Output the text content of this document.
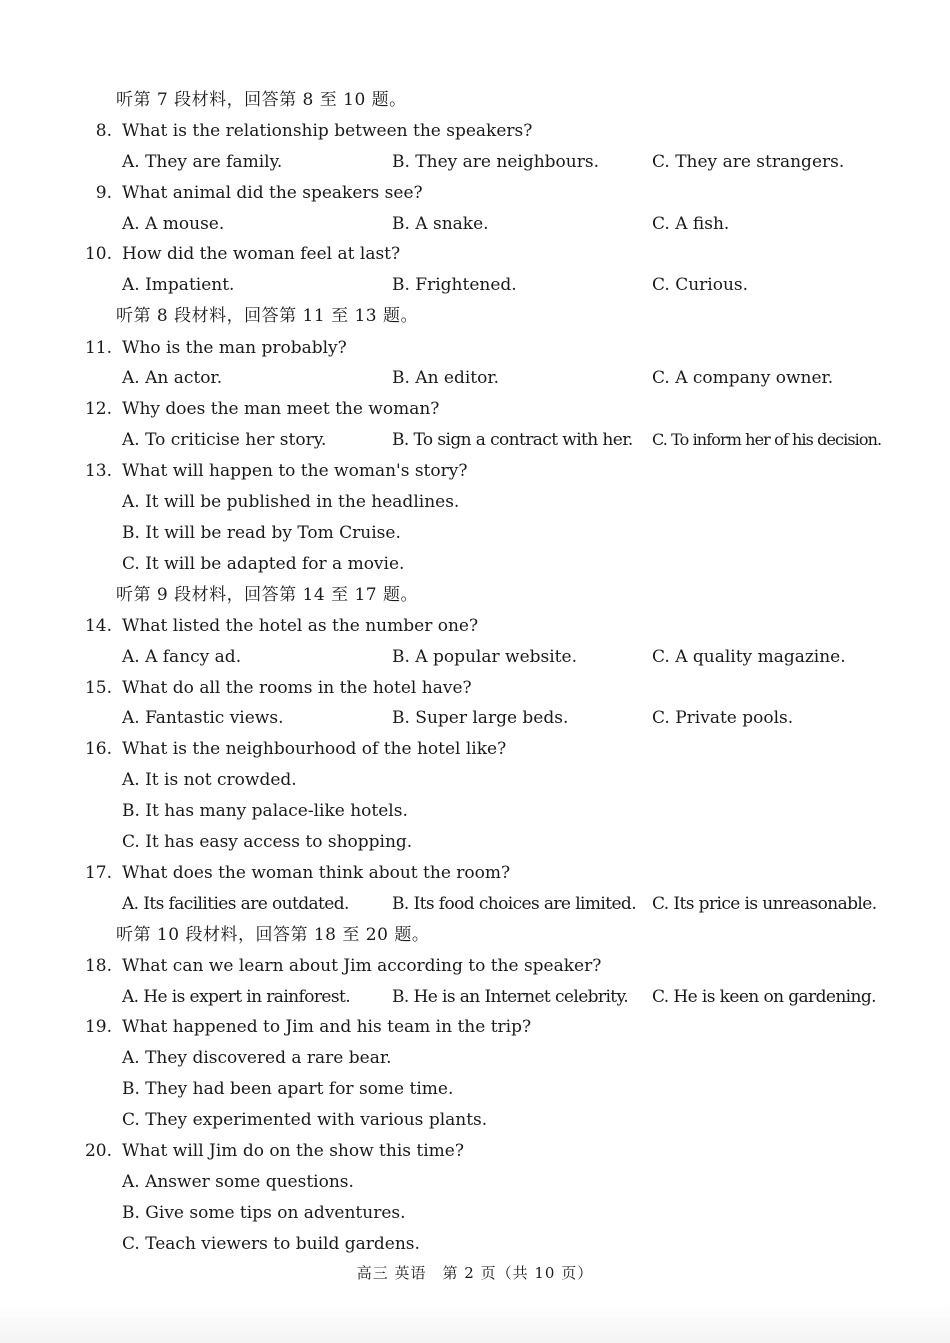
听第 7 段材料，回答第 8 至 10 题。
8. What is the relationship between the speakers?
A. They are family.	B. They are neighbours.	C. They are strangers.
9. What animal did the speakers see?
A. A mouse.	B. A snake.	C. A fish.
10. How did the woman feel at last?
A. Impatient.	B. Frightened.	C. Curious.
听第 8 段材料，回答第 11 至 13 题。
11. Who is the man probably?
A. An actor.	B. An editor.	C. A company owner.
12. Why does the man meet the woman?
A. To criticise her story.	B. To sign a contract with her. C. To inform her of his decision.
13. What will happen to the woman's story?
A. It will be published in the headlines.
B. It will be read by Tom Cruise.
C. It will be adapted for a movie.
听第 9 段材料，回答第 14 至 17 题。
14. What listed the hotel as the number one?
A. A fancy ad.	B. A popular website.	C. A quality magazine.
15. What do all the rooms in the hotel have?
A. Fantastic views.	B. Super large beds.	C. Private pools.
16. What is the neighbourhood of the hotel like?
A. It is not crowded.
B. It has many palace-like hotels.
C. It has easy access to shopping.
17. What does the woman think about the room?
A. Its facilities are outdated.	B. Its food choices are limited. C. Its price is unreasonable.
听第 10 段材料，回答第 18 至 20 题。
18. What can we learn about Jim according to the speaker?
A. He is expert in rainforest. B. He is an Internet celebrity. C. He is keen on gardening.
19. What happened to Jim and his team in the trip?
A. They discovered a rare bear.
B. They had been apart for some time.
C. They experimented with various plants.
20. What will Jim do on the show this time?
A. Answer some questions.
B. Give some tips on adventures.
C. Teach viewers to build gardens.
高三 英语　第 2 页（共 10 页）
